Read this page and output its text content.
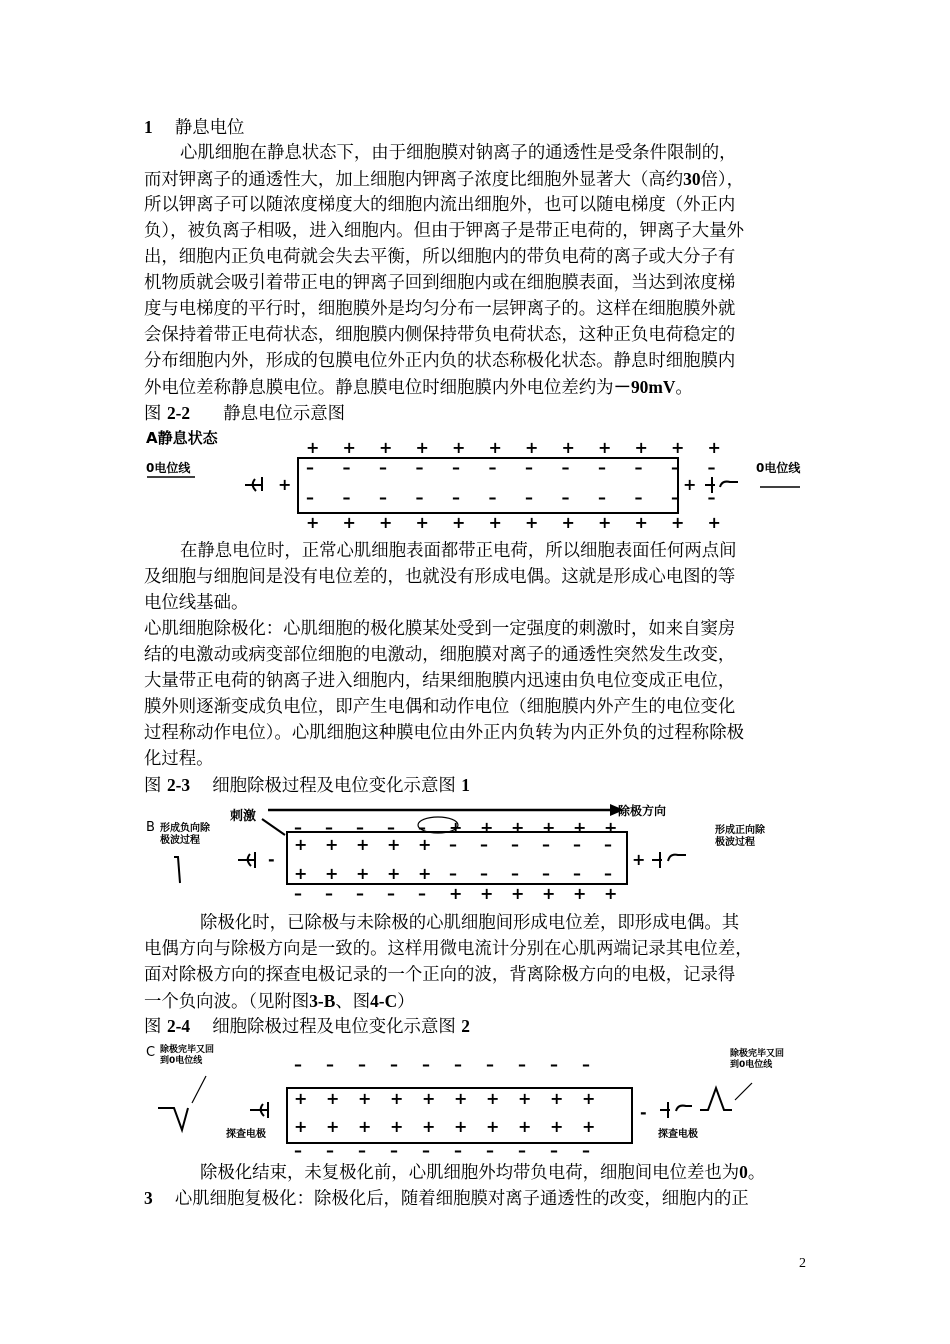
1 静息电位
心肌细胞在静息状态下，由于细胞膜对钠离子的通透性是受条件限制的，
而对钾离子的通透性大，加上细胞内钾离子浓度比细胞外显著大（高约30倍），
所以钾离子可以随浓度梯度大的细胞内流出细胞外，也可以随电梯度（外正内
负），被负离子相吸，进入细胞内。但由于钾离子是带正电荷的，钾离子大量外
出，细胞内正负电荷就会失去平衡，所以细胞内的带负电荷的离子或大分子有
机物质就会吸引着带正电的钾离子回到细胞内或在细胞膜表面，当达到浓度梯
度与电梯度的平行时，细胞膜外是均匀分布一层钾离子的。这样在细胞膜外就
会保持着带正电荷状态，细胞膜内侧保持带负电荷状态，这种正负电荷稳定的
分布细胞内外，形成的包膜电位外正内负的状态称极化状态。静息时细胞膜内
外电位差称静息膜电位。静息膜电位时细胞膜内外电位差约为－90mV。
图 2-2 静息电位示意图
A静息状态
0电位线	0电位线
+
+ + + + + + + + + + + +
– – – – – – – – – – – –
– – – – – – – – – – – –
+ + + + + + + + + + + +
+
在静息电位时，正常心肌细胞表面都带正电荷，所以细胞表面任何两点间
及细胞与细胞间是没有电位差的，也就没有形成电偶。这就是形成心电图的等
电位线基础。
心肌细胞除极化：心肌细胞的极化膜某处受到一定强度的刺激时，如来自窦房
结的电激动或病变部位细胞的电激动，细胞膜对离子的通透性突然发生改变，
大量带正电荷的钠离子进入细胞内，结果细胞膜内迅速由负电位变成正电位，
膜外则逐渐变成负电位，即产生电偶和动作电位（细胞膜内外产生的电位变化
过程称动作电位）。心肌细胞这种膜电位由外正内负转为内正外负的过程称除极
化过程。
图 2-3 细胞除极过程及电位变化示意图 1
B 形成负向除
极波过程
刺激	除极方向
形成正向除
极波过程
-
– – – – – + + + + + +
+ + + + + – – – – – –
+ + + + + – – – – – –
– – – – – + + + + + +
+
除极化时，已除极与未除极的心肌细胞间形成电位差，即形成电偶。其
电偶方向与除极方向是一致的。这样用微电流计分别在心肌两端记录其电位差，
面对除极方向的探查电极记录的一个正向的波，背离除极方向的电极，记录得
一个负向波。（见附图3-B、图4-C）
图 2-4 细胞除极过程及电位变化示意图 2
C 除极完毕又回
到0电位线
除极完毕又回
到0电位线
探查电极
– – – – – – – – – –
+ + + + + + + + + +
+ + + + + + + + + +
– – – – – – – – – –
-
探查电极
除极化结束，未复极化前，心肌细胞外均带负电荷，细胞间电位差也为0。
3 心肌细胞复极化：除极化后，随着细胞膜对离子通透性的改变，细胞内的正
2
